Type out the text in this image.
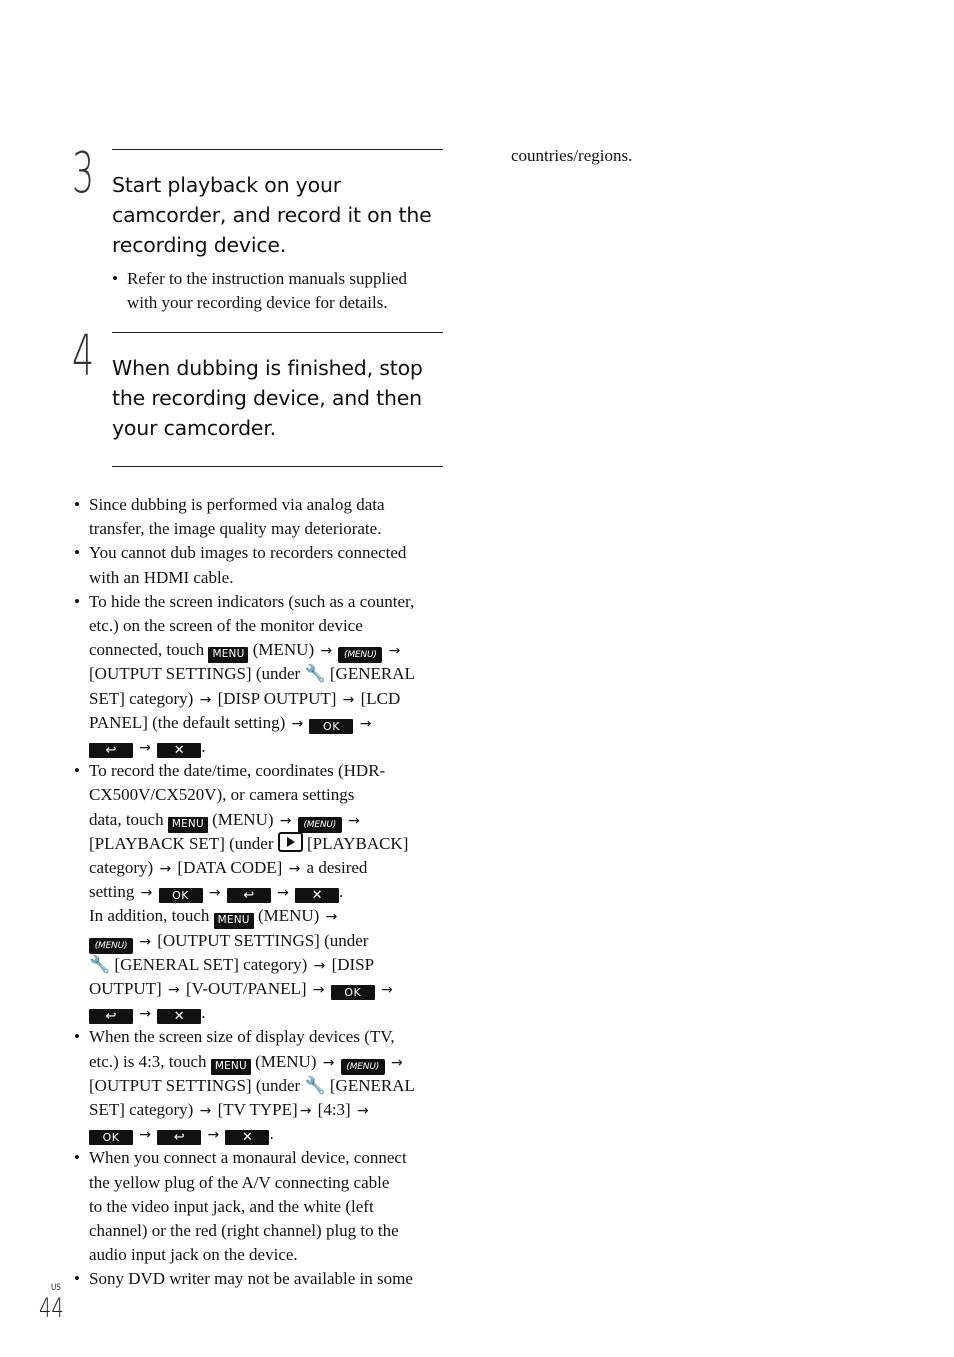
3 Start playback on your
camcorder, and record it on the
recording device.
• Refer to the instruction manuals supplied
with your recording device for details.
4 When dubbing is finished, stop
the recording device, and then
your camcorder.
• Since dubbing is performed via analog data
transfer, the image quality may deteriorate.
• You cannot dub images to recorders connected
with an HDMI cable.
• To hide the screen indicators (such as a counter,
etc.) on the screen of the monitor device
connected, touch MENU (MENU) → (MENU) →
[OUTPUT SETTINGS] (under 🔧 [GENERAL
SET] category) → [DISP OUTPUT] → [LCD
PANEL] (the default setting) → OK →
↩ → ✕ .
• To record the date/time, coordinates (HDR-
CX500V/CX520V), or camera settings
data, touch MENU (MENU) → (MENU) →
[PLAYBACK SET] (under  [PLAYBACK]
category) → [DATA CODE] → a desired
setting → OK → ↩ → ✕ .
In addition, touch MENU (MENU) →
(MENU) → [OUTPUT SETTINGS] (under
🔧 [GENERAL SET] category) → [DISP
OUTPUT] → [V-OUT/PANEL] → OK →
↩ → ✕ .
• When the screen size of display devices (TV,
etc.) is 4:3, touch MENU (MENU) → (MENU) →
[OUTPUT SETTINGS] (under 🔧 [GENERAL
SET] category) → [TV TYPE] → [4:3] →
OK → ↩ → ✕ .
• When you connect a monaural device, connect
the yellow plug of the A/V connecting cable
to the video input jack, and the white (left
channel) or the red (right channel) plug to the
audio input jack on the device.
• Sony DVD writer may not be available in some
countries/regions.
US
44
